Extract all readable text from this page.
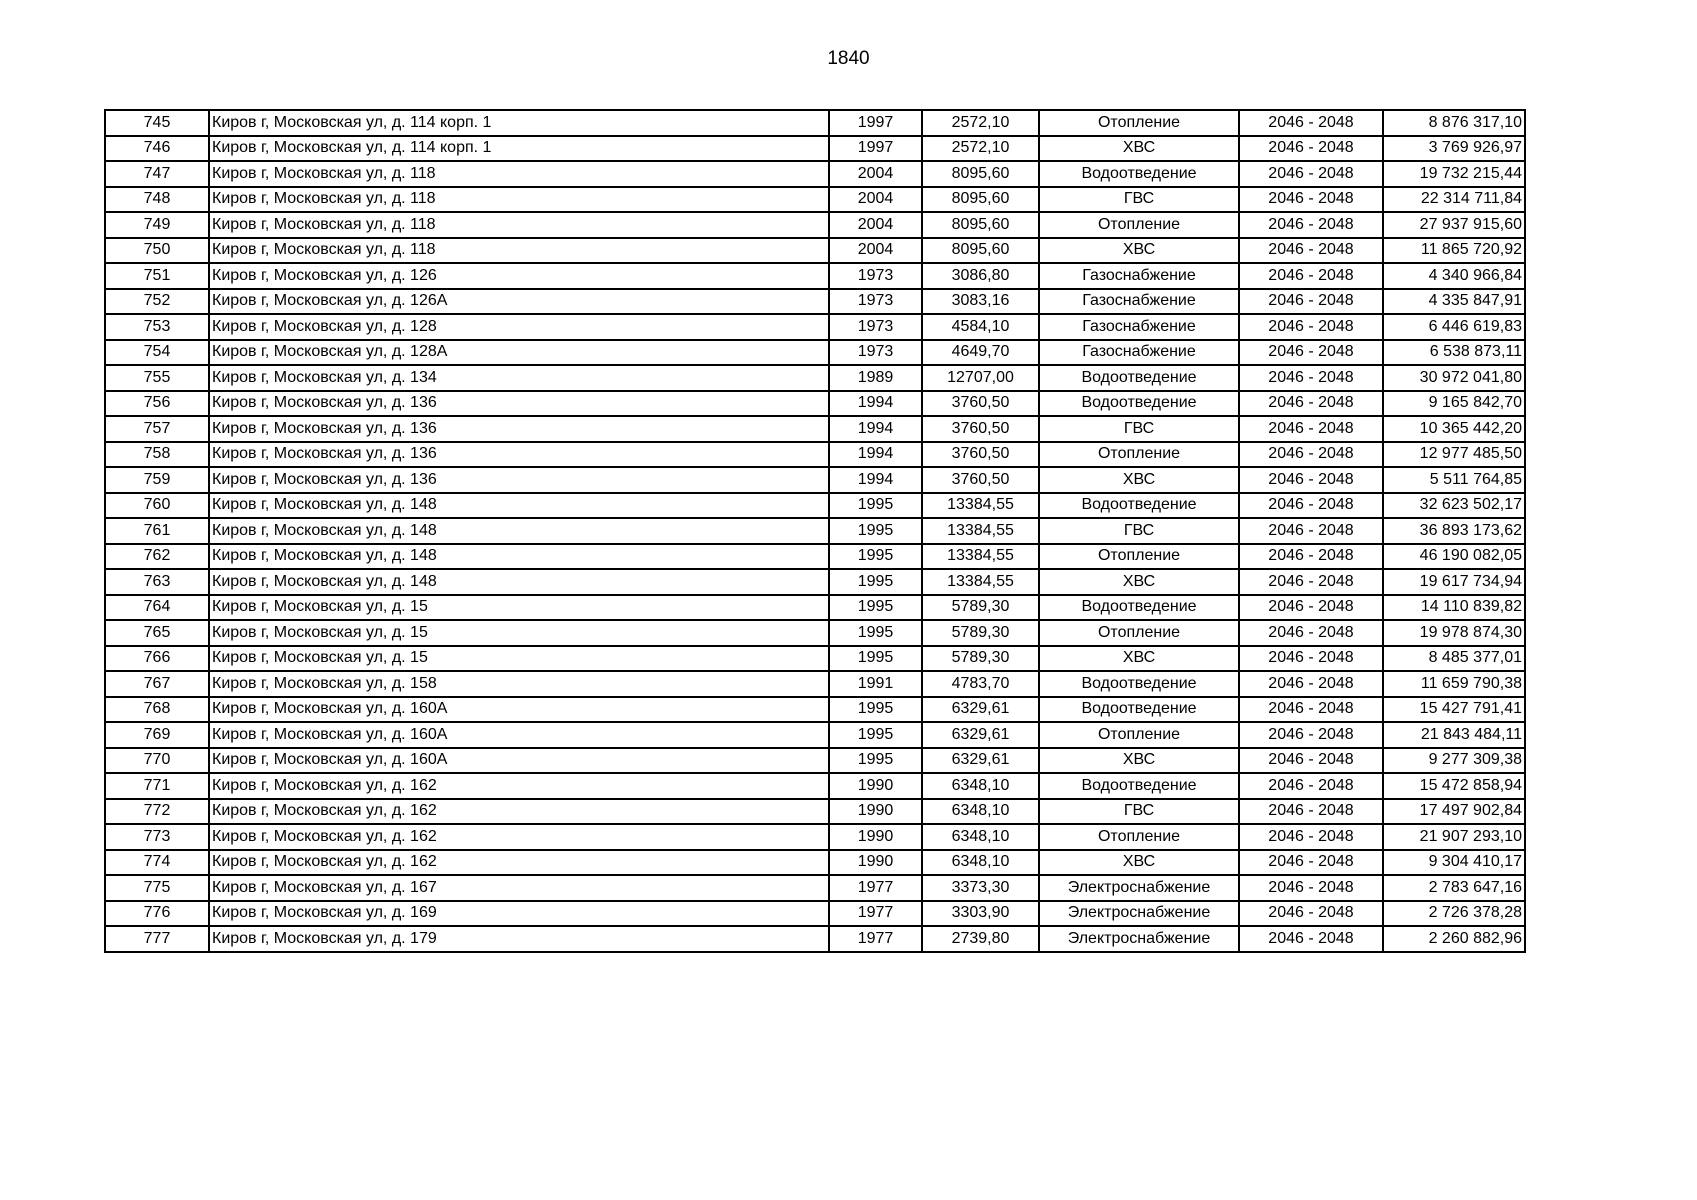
1840
745	Киров г, Московская ул, д. 114 корп. 1	1997	2572,10	Отопление	2046 - 2048	8 876 317,10
746	Киров г, Московская ул, д. 114 корп. 1	1997	2572,10	ХВС	2046 - 2048	3 769 926,97
747	Киров г, Московская ул, д. 118	2004	8095,60	Водоотведение	2046 - 2048	19 732 215,44
748	Киров г, Московская ул, д. 118	2004	8095,60	ГВС	2046 - 2048	22 314 711,84
749	Киров г, Московская ул, д. 118	2004	8095,60	Отопление	2046 - 2048	27 937 915,60
750	Киров г, Московская ул, д. 118	2004	8095,60	ХВС	2046 - 2048	11 865 720,92
751	Киров г, Московская ул, д. 126	1973	3086,80	Газоснабжение	2046 - 2048	4 340 966,84
752	Киров г, Московская ул, д. 126А	1973	3083,16	Газоснабжение	2046 - 2048	4 335 847,91
753	Киров г, Московская ул, д. 128	1973	4584,10	Газоснабжение	2046 - 2048	6 446 619,83
754	Киров г, Московская ул, д. 128А	1973	4649,70	Газоснабжение	2046 - 2048	6 538 873,11
755	Киров г, Московская ул, д. 134	1989	12707,00	Водоотведение	2046 - 2048	30 972 041,80
756	Киров г, Московская ул, д. 136	1994	3760,50	Водоотведение	2046 - 2048	9 165 842,70
757	Киров г, Московская ул, д. 136	1994	3760,50	ГВС	2046 - 2048	10 365 442,20
758	Киров г, Московская ул, д. 136	1994	3760,50	Отопление	2046 - 2048	12 977 485,50
759	Киров г, Московская ул, д. 136	1994	3760,50	ХВС	2046 - 2048	5 511 764,85
760	Киров г, Московская ул, д. 148	1995	13384,55	Водоотведение	2046 - 2048	32 623 502,17
761	Киров г, Московская ул, д. 148	1995	13384,55	ГВС	2046 - 2048	36 893 173,62
762	Киров г, Московская ул, д. 148	1995	13384,55	Отопление	2046 - 2048	46 190 082,05
763	Киров г, Московская ул, д. 148	1995	13384,55	ХВС	2046 - 2048	19 617 734,94
764	Киров г, Московская ул, д. 15	1995	5789,30	Водоотведение	2046 - 2048	14 110 839,82
765	Киров г, Московская ул, д. 15	1995	5789,30	Отопление	2046 - 2048	19 978 874,30
766	Киров г, Московская ул, д. 15	1995	5789,30	ХВС	2046 - 2048	8 485 377,01
767	Киров г, Московская ул, д. 158	1991	4783,70	Водоотведение	2046 - 2048	11 659 790,38
768	Киров г, Московская ул, д. 160А	1995	6329,61	Водоотведение	2046 - 2048	15 427 791,41
769	Киров г, Московская ул, д. 160А	1995	6329,61	Отопление	2046 - 2048	21 843 484,11
770	Киров г, Московская ул, д. 160А	1995	6329,61	ХВС	2046 - 2048	9 277 309,38
771	Киров г, Московская ул, д. 162	1990	6348,10	Водоотведение	2046 - 2048	15 472 858,94
772	Киров г, Московская ул, д. 162	1990	6348,10	ГВС	2046 - 2048	17 497 902,84
773	Киров г, Московская ул, д. 162	1990	6348,10	Отопление	2046 - 2048	21 907 293,10
774	Киров г, Московская ул, д. 162	1990	6348,10	ХВС	2046 - 2048	9 304 410,17
775	Киров г, Московская ул, д. 167	1977	3373,30	Электроснабжение	2046 - 2048	2 783 647,16
776	Киров г, Московская ул, д. 169	1977	3303,90	Электроснабжение	2046 - 2048	2 726 378,28
777	Киров г, Московская ул, д. 179	1977	2739,80	Электроснабжение	2046 - 2048	2 260 882,96
